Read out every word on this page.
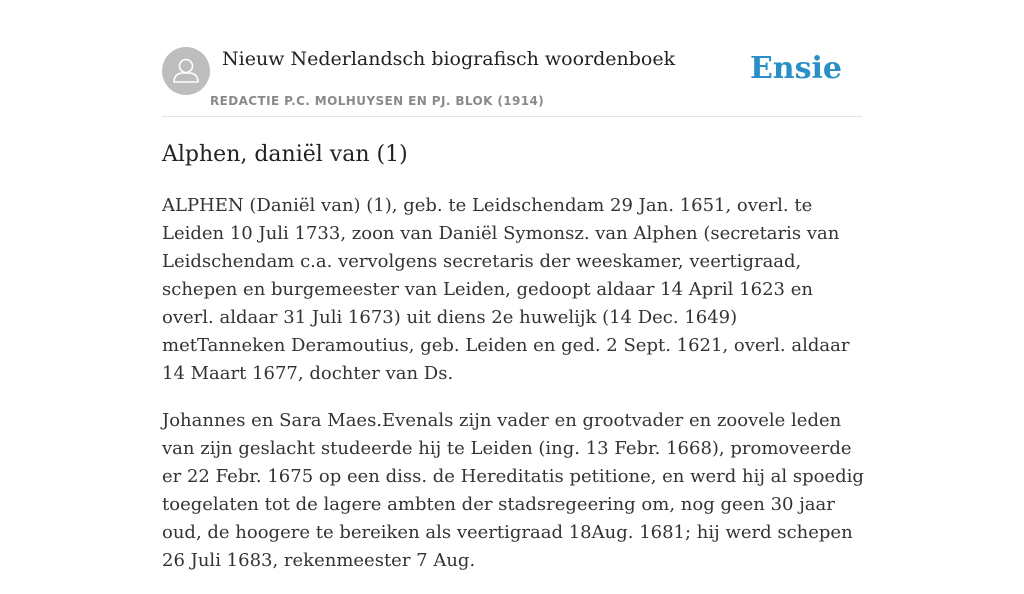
Nieuw Nederlandsch biografisch woordenboek
REDACTIE P.C. MOLHUYSEN EN PJ. BLOK (1914)
Ensie
Alphen, daniël van (1)

ALPHEN (Daniël van) (1), geb. te Leidschendam 29 Jan. 1651, overl. te Leiden 10 Juli 1733, zoon van Daniël Symonsz. van Alphen (secretaris van Leidschendam c.a. vervolgens secretaris der weeskamer, veertigraad, schepen en burgemeester van Leiden, gedoopt aldaar 14 April 1623 en overl. aldaar 31 Juli 1673) uit diens 2e huwelijk (14 Dec. 1649) metTanneken Deramoutius, geb. Leiden en ged. 2 Sept. 1621, overl. aldaar 14 Maart 1677, dochter van Ds.

Johannes en Sara Maes.Evenals zijn vader en grootvader en zoovele leden van zijn geslacht studeerde hij te Leiden (ing. 13 Febr. 1668), promoveerde er 22 Febr. 1675 op een diss. de Hereditatis petitione, en werd hij al spoedig toegelaten tot de lagere ambten der stadsregeering om, nog geen 30 jaar oud, de hoogere te bereiken als veertigraad 18Aug. 1681; hij werd schepen 26 Juli 1683, rekenmeester 7 Aug.
